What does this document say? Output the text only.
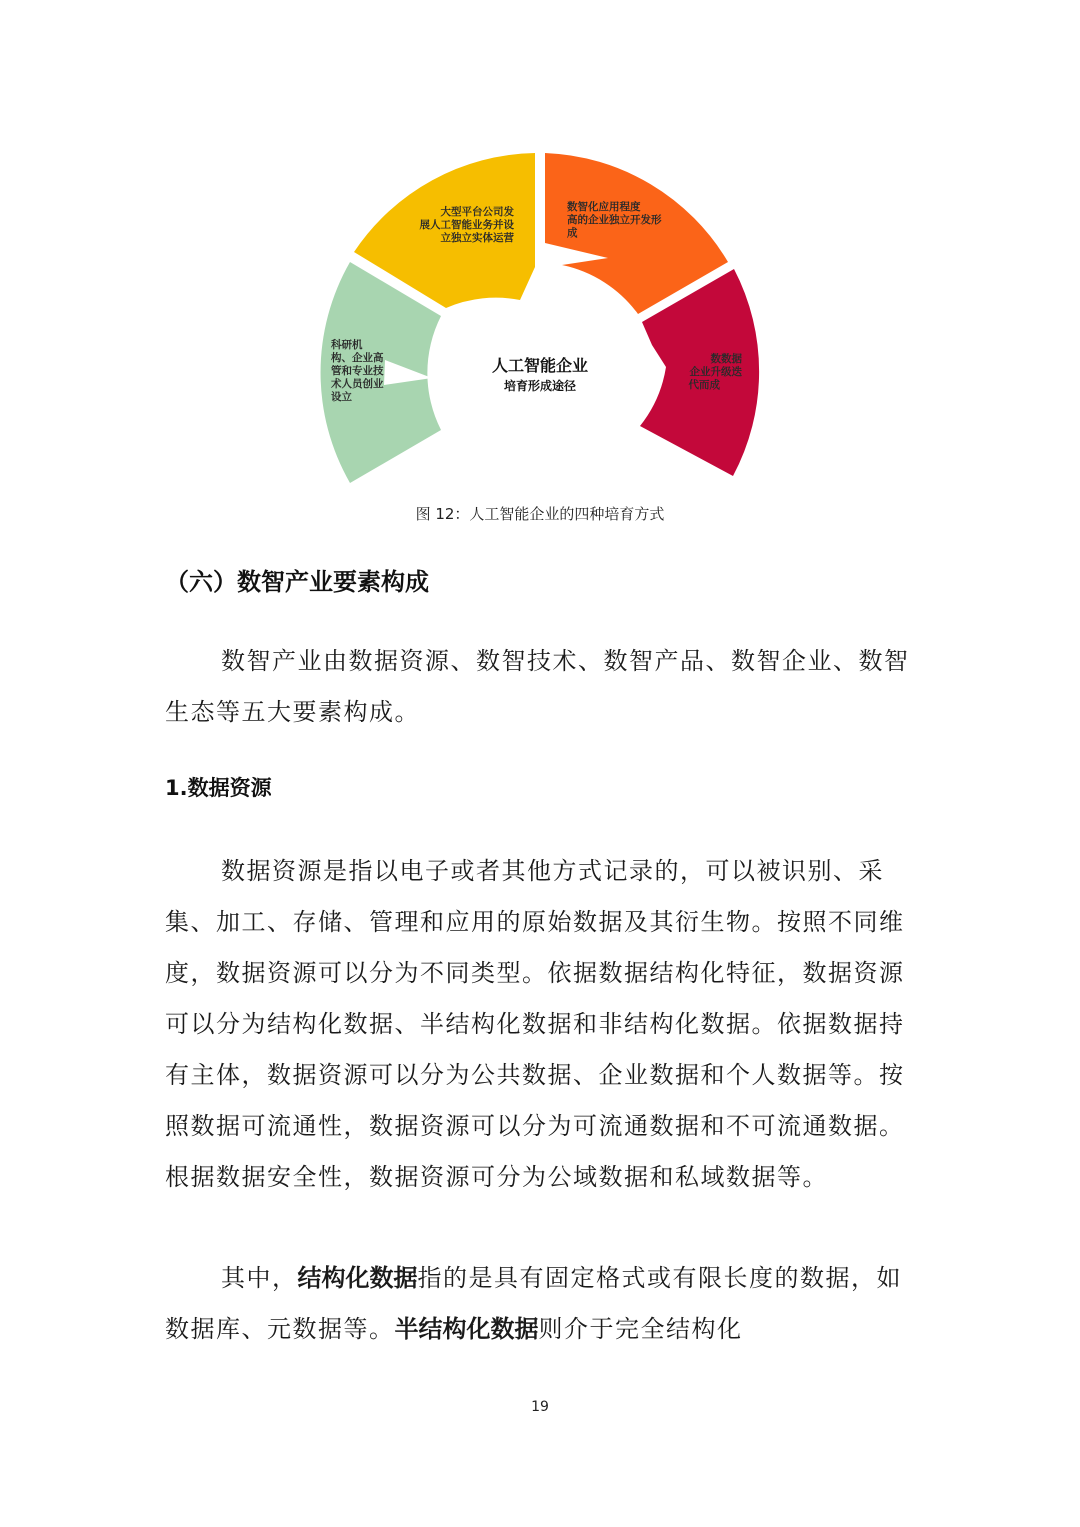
科研机
构、企业高
管和专业技
术人员创业
设立
大型平台公司发
展人工智能业务并设
立独立实体运营
数智化应用程度
高的企业独立开发形
成
数数据
企业升级迭
代而成
人工智能企业
培育形成途径
图 12：人工智能企业的四种培育方式
（六）数智产业要素构成

数智产业由数据资源、数智技术、数智产品、数智企业、数智生态等五大要素构成。

1.数据资源

数据资源是指以电子或者其他方式记录的，可以被识别、采集、加工、存储、管理和应用的原始数据及其衍生物。按照不同维度，数据资源可以分为不同类型。依据数据结构化特征，数据资源可以分为结构化数据、半结构化数据和非结构化数据。依据数据持有主体，数据资源可以分为公共数据、企业数据和个人数据等。按照数据可流通性，数据资源可以分为可流通数据和不可流通数据。根据数据安全性，数据资源可分为公域数据和私域数据等。

其中，结构化数据指的是具有固定格式或有限长度的数据，如数据库、元数据等。半结构化数据则介于完全结构化

19
